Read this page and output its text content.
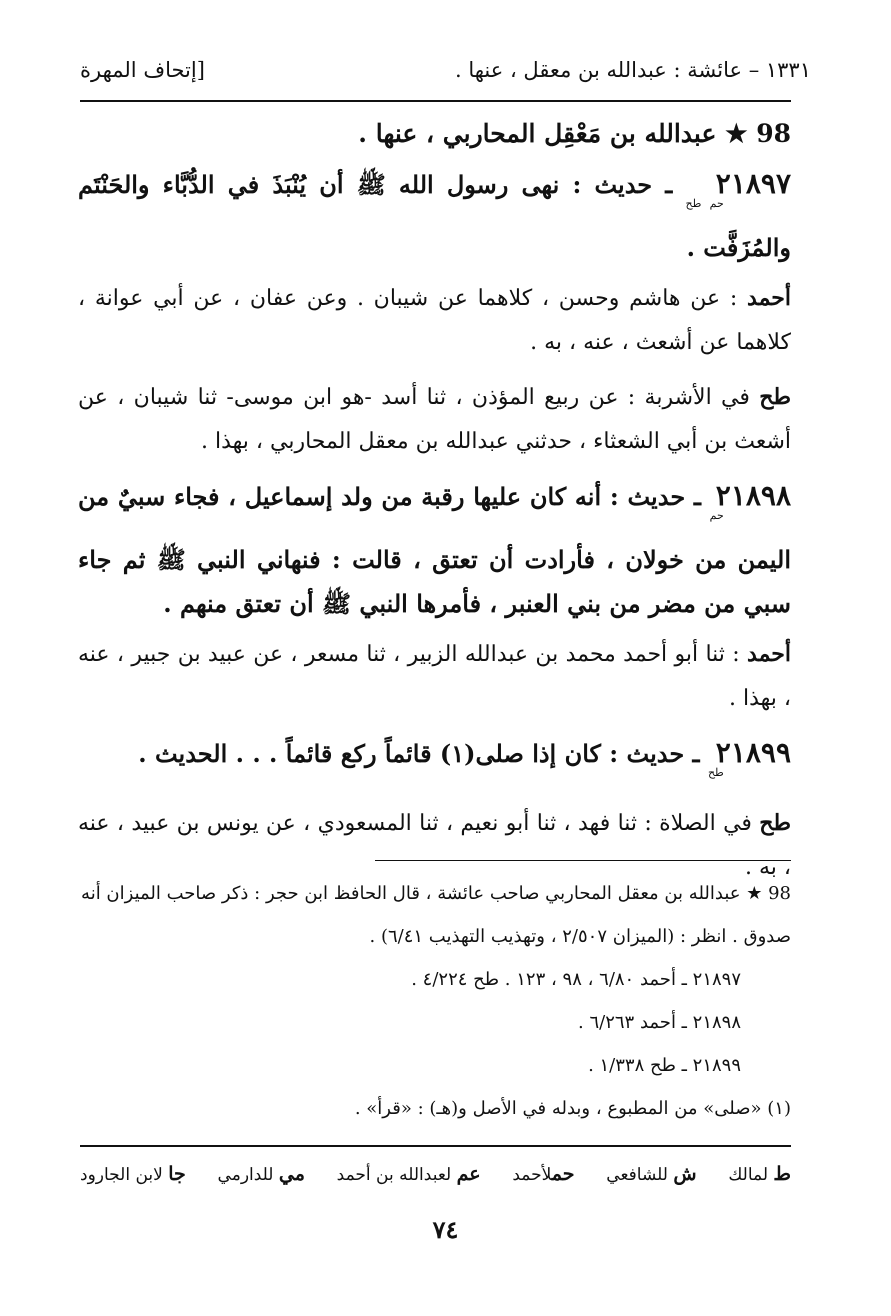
[إتحاف المهرة	١٣٣١ – عائشة : عبدالله بن معقل ، عنها .

98 ★ عبدالله بن مَعْقِل المحاربي ، عنها .

$٢١٨٩٧_{حم طح}$ ـ حديث : نهى رسول الله ﷺ أن يُنْبَذَ في الدُّبَّاء والحَنْتَم والمُزَفَّت .

أحمد : عن هاشم وحسن ، كلاهما عن شيبان . وعن عفان ، عن أبي عوانة ، كلاهما عن أشعث ، عنه ، به .

طح في الأشربة : عن ربيع المؤذن ، ثنا أسد -هو ابن موسى- ثنا شيبان ، عن أشعث بن أبي الشعثاء ، حدثني عبدالله بن معقل المحاربي ، بهذا .

$٢١٨٩٨_{حم}$ ـ حديث : أنه كان عليها رقبة من ولد إسماعيل ، فجاء سبيٌ من اليمن من خولان ، فأرادت أن تعتق ، قالت : فنهاني النبي ﷺ ثم جاء سبي من مضر من بني العنبر ، فأمرها النبي ﷺ أن تعتق منهم .

أحمد : ثنا أبو أحمد محمد بن عبدالله الزبير ، ثنا مسعر ، عن عبيد بن جبير ، عنه ، بهذا .

$٢١٨٩٩_{طح}$ ـ حديث : كان إذا صلى(١) قائماً ركع قائماً . . . الحديث .

طح في الصلاة : ثنا فهد ، ثنا أبو نعيم ، ثنا المسعودي ، عن يونس بن عبيد ، عنه ، به .

98 ★ عبدالله بن معقل المحاربي صاحب عائشة ، قال الحافظ ابن حجر : ذكر صاحب الميزان أنه صدوق . انظر : (الميزان ٢/٥٠٧ ، وتهذيب التهذيب ٦/٤١) .

٢١٨٩٧ ـ أحمد ٦/٨٠ ، ٩٨ ، ١٢٣ . طح ٤/٢٢٤ .

٢١٨٩٨ ـ أحمد ٦/٢٦٣ .

٢١٨٩٩ ـ طح ١/٣٣٨ .

(١) «صلى» من المطبوع ، وبدله في الأصل و(هـ) : «قرأ» .

ط لمالك
ش للشافعي
حملأحمد
عم لعبدالله بن أحمد
مي للدارمي
جا لابن الجارود
٧٤
